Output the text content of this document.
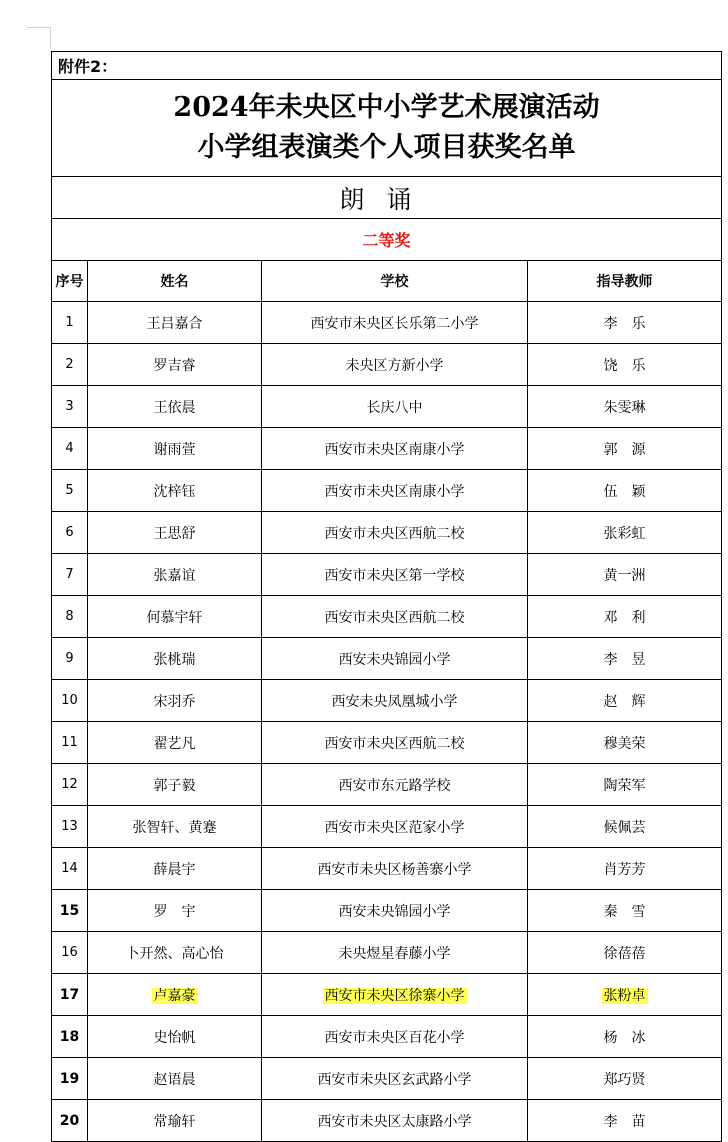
附件2：			

2024年未央区中小学艺术展演活动
小学组表演类个人项目获奖名单			

朗诵			
二等奖			
序号	姓名	学校	指导教师
1	王吕嘉合	西安市未央区长乐第二小学	李　乐
2	罗吉睿	未央区方新小学	饶　乐
3	王依晨	长庆八中	朱雯琳
4	谢雨萱	西安市未央区南康小学	郭　源
5	沈梓钰	西安市未央区南康小学	伍　颖
6	王思舒	西安市未央区西航二校	张彩虹
7	张嘉谊	西安市未央区第一学校	黄一洲
8	何慕宇轩	西安市未央区西航二校	邓　利
9	张桃瑞	西安未央锦园小学	李　昱
10	宋羽乔	西安未央凤凰城小学	赵　辉
11	翟艺凡	西安市未央区西航二校	穆美荣
12	郭子毅	西安市东元路学校	陶荣军
13	张智轩、黄蹇	西安市未央区范家小学	候佩芸
14	薛晨宇	西安市未央区杨善寨小学	肖芳芳
15	罗　宇	西安未央锦园小学	秦　雪
16	卜开然、高心怡	未央煜星春藤小学	徐蓓蓓
17	卢嘉豪	西安市未央区徐寨小学	张粉卓
18	史怡帆	西安市未央区百花小学	杨　冰
19	赵语晨	西安市未央区玄武路小学	郑巧贤
20	常瑜轩	西安市未央区太康路小学	李　苗
